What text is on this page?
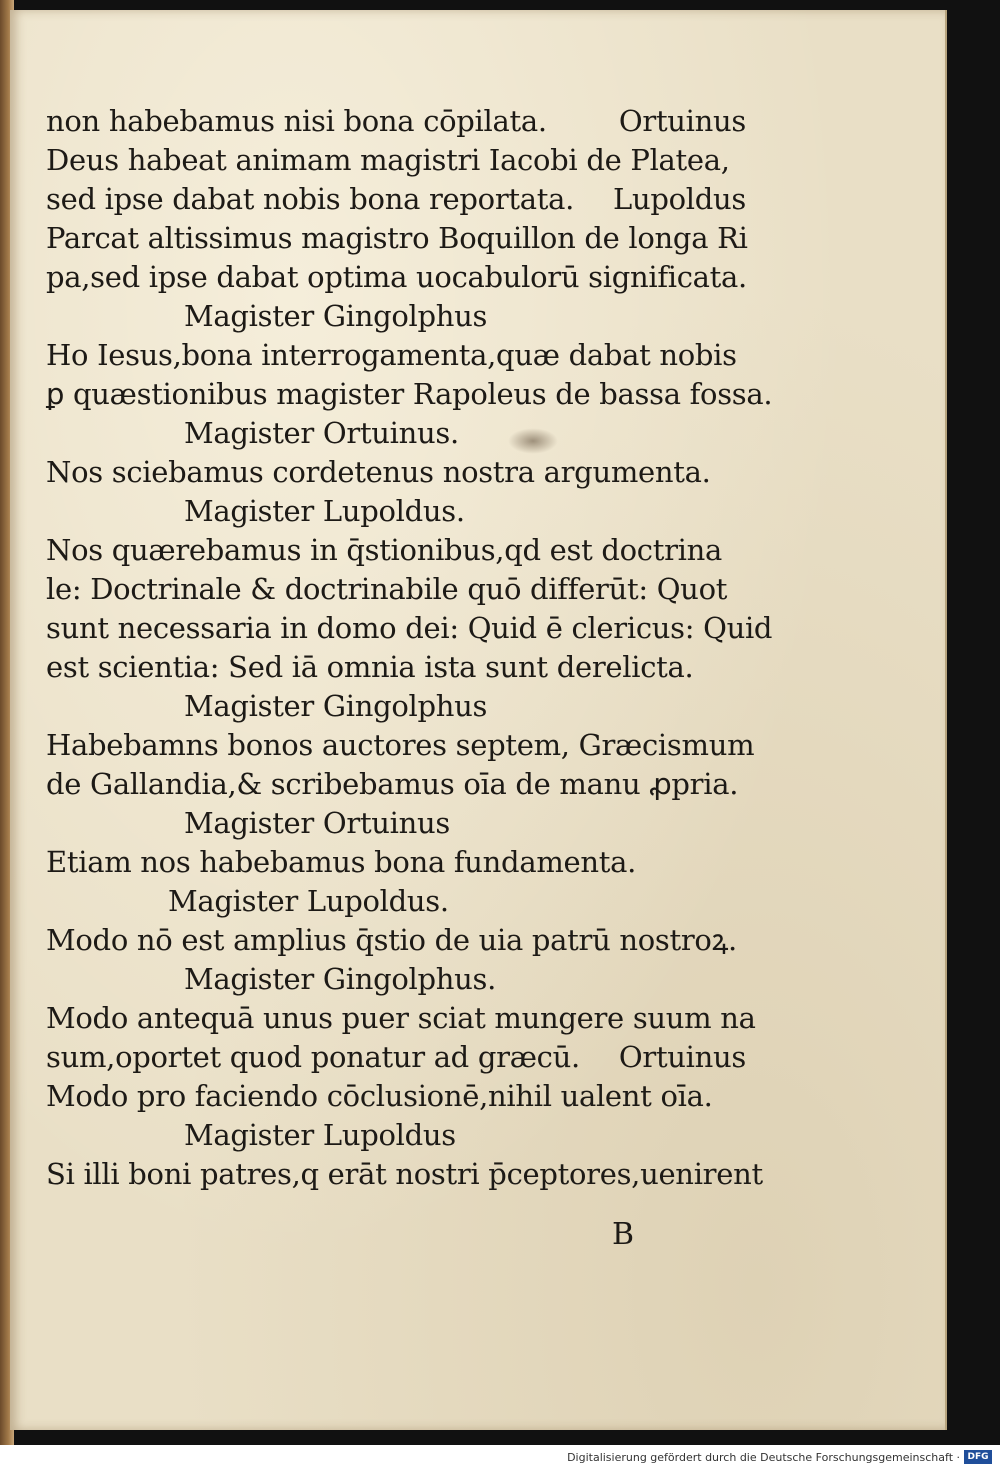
non habebamus nisi bona cōpilata. Ortuinus
Deus habeat animam magistri Iacobi de Platea,
sed ipse dabat nobis bona reportata. Lupoldus
Parcat altissimus magistro Boquillon de longa Ri
pa,sed ipse dabat optima uocabulorū significata.
Magister Gingolphus
Ho Iesus,bona interrogamenta,quæ dabat nobis
ꝑ quæstionibus magister Rapoleus de bassa fossa.
Magister Ortuinus.
Nos sciebamus cordetenus nostra argumenta.
Magister Lupoldus.
Nos quærebamus in q̄stionibus,qd est doctrina
le: Doctrinale & doctrinabile quō differūt: Quot
sunt necessaria in domo dei: Quid ē clericus: Quid
est scientia: Sed iā omnia ista sunt derelicta.
Magister Gingolphus
Habebamns bonos auctores septem, Græcismum
de Gallandia,& scribebamus oīa de manu ꝓpria.
Magister Ortuinus
Etiam nos habebamus bona fundamenta.
Magister Lupoldus.
Modo nō est amplius q̄stio de uia patrū nostroꝝ.
Magister Gingolphus.
Modo antequā unus puer sciat mungere suum na
sum,oportet quod ponatur ad græcū. Ortuinus
Modo pro faciendo cōclusionē,nihil ualent oīa.
Magister Lupoldus
Si illi boni patres,q erāt nostri p̄ceptores,uenirent
B
Digitalisierung gefördert durch die Deutsche Forschungsgemeinschaft · DFG
